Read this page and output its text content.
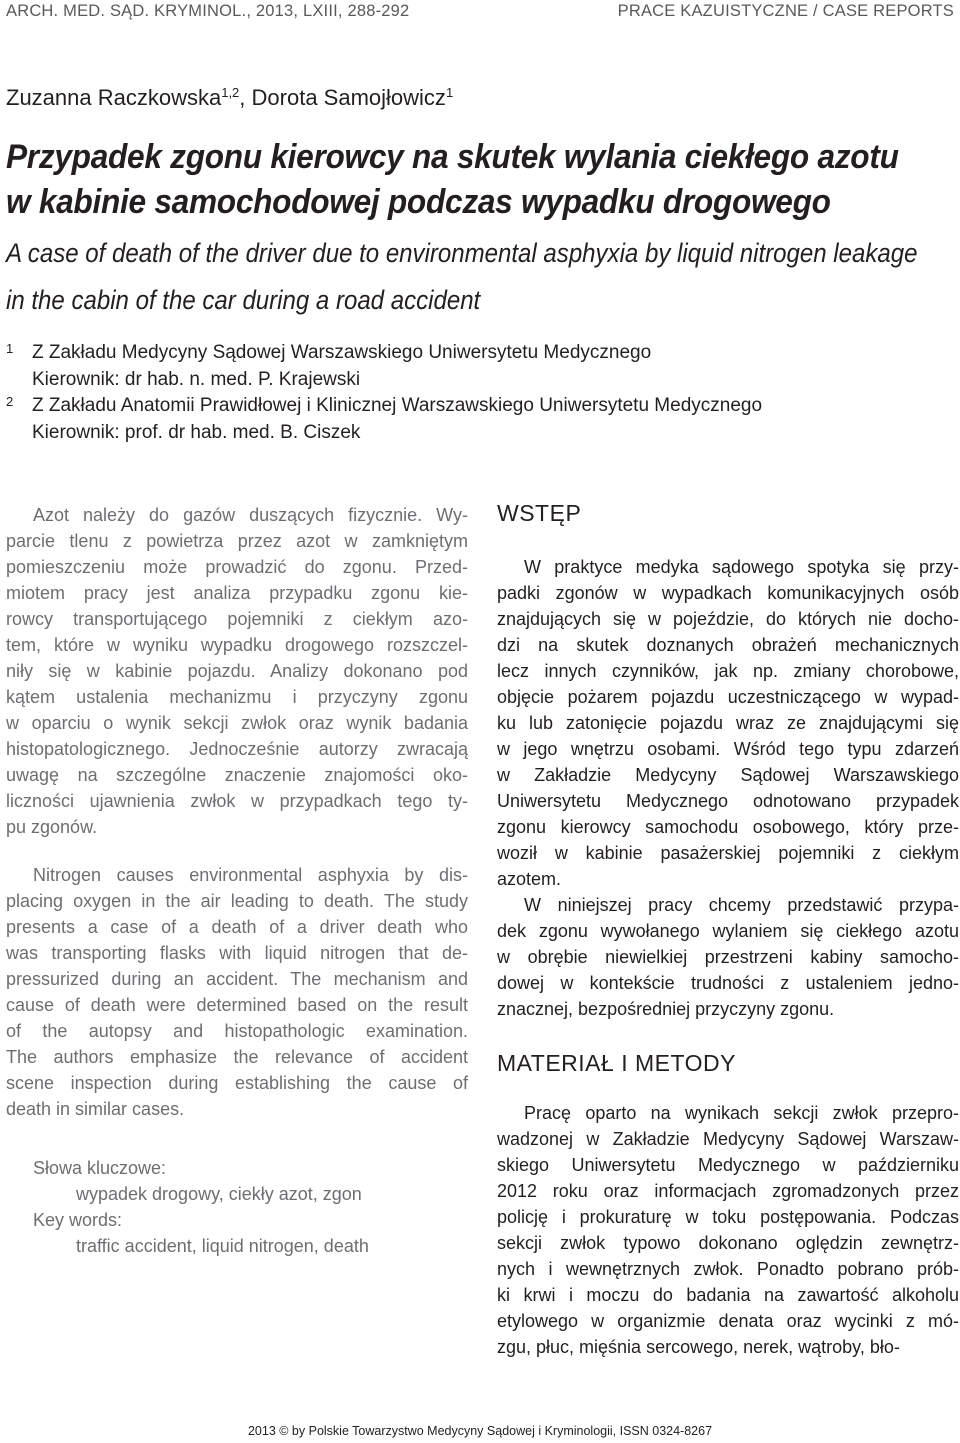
ARCH. MED. SĄD. KRYMINOL., 2013, LXIII, 288-292	PRACE KAZUISTYCZNE / CASE REPORTS
Zuzanna Raczkowska$^{1,2}$, Dorota Samojłowicz$^1$
Przypadek zgonu kierowcy na skutek wylania ciekłego azotu
w kabinie samochodowej podczas wypadku drogowego
A case of death of the driver due to environmental asphyxia by liquid nitrogen leakage
in the cabin of the car during a road accident
1 Z Zakładu Medycyny Sądowej Warszawskiego Uniwersytetu Medycznego
Kierownik: dr hab. n. med. P. Krajewski
2 Z Zakładu Anatomii Prawidłowej i Klinicznej Warszawskiego Uniwersytetu Medycznego
Kierownik: prof. dr hab. med. B. Ciszek

Azot należy do gazów duszących fizycznie. Wy-
parcie tlenu z powietrza przez azot w zamkniętym
pomieszczeniu może prowadzić do zgonu. Przed-
miotem pracy jest analiza przypadku zgonu kie-
rowcy transportującego pojemniki z ciekłym azo-
tem, które w wyniku wypadku drogowego rozszczel-
niły się w kabinie pojazdu. Analizy dokonano pod
kątem ustalenia mechanizmu i przyczyny zgonu
w oparciu o wynik sekcji zwłok oraz wynik badania
histopatologicznego. Jednocześnie autorzy zwracają
uwagę na szczególne znaczenie znajomości oko-
liczności ujawnienia zwłok w przypadkach tego ty-
pu zgonów.

Nitrogen causes environmental asphyxia by dis-
placing oxygen in the air leading to death. The study
presents a case of a death of a driver death who
was transporting flasks with liquid nitrogen that de-
pressurized during an accident. The mechanism and
cause of death were determined based on the result
of the autopsy and histopathologic examination.
The authors emphasize the relevance of accident
scene inspection during establishing the cause of
death in similar cases.

Słowa kluczowe:
wypadek drogowy, ciekły azot, zgon
Key words:
traffic accident, liquid nitrogen, death
WSTĘP

W praktyce medyka sądowego spotyka się przy-
padki zgonów w wypadkach komunikacyjnych osób
znajdujących się w pojeździe, do których nie docho-
dzi na skutek doznanych obrażeń mechanicznych
lecz innych czynników, jak np. zmiany chorobowe,
objęcie pożarem pojazdu uczestniczącego w wypad-
ku lub zatonięcie pojazdu wraz ze znajdującymi się
w jego wnętrzu osobami. Wśród tego typu zdarzeń
w Zakładzie Medycyny Sądowej Warszawskiego
Uniwersytetu Medycznego odnotowano przypadek
zgonu kierowcy samochodu osobowego, który prze-
woził w kabinie pasażerskiej pojemniki z ciekłym
azotem.

W niniejszej pracy chcemy przedstawić przypa-
dek zgonu wywołanego wylaniem się ciekłego azotu
w obrębie niewielkiej przestrzeni kabiny samocho-
dowej w kontekście trudności z ustaleniem jedno-
znacznej, bezpośredniej przyczyny zgonu.

MATERIAŁ I METODY

Pracę oparto na wynikach sekcji zwłok przepro-
wadzonej w Zakładzie Medycyny Sądowej Warszaw-
skiego Uniwersytetu Medycznego w październiku
2012 roku oraz informacjach zgromadzonych przez
policję i prokuraturę w toku postępowania. Podczas
sekcji zwłok typowo dokonano oględzin zewnętrz-
nych i wewnętrznych zwłok. Ponadto pobrano prób-
ki krwi i moczu do badania na zawartość alkoholu
etylowego w organizmie denata oraz wycinki z mó-
zgu, płuc, mięśnia sercowego, nerek, wątroby, bło-

2013 © by Polskie Towarzystwo Medycyny Sądowej i Kryminologii, ISSN 0324-8267
